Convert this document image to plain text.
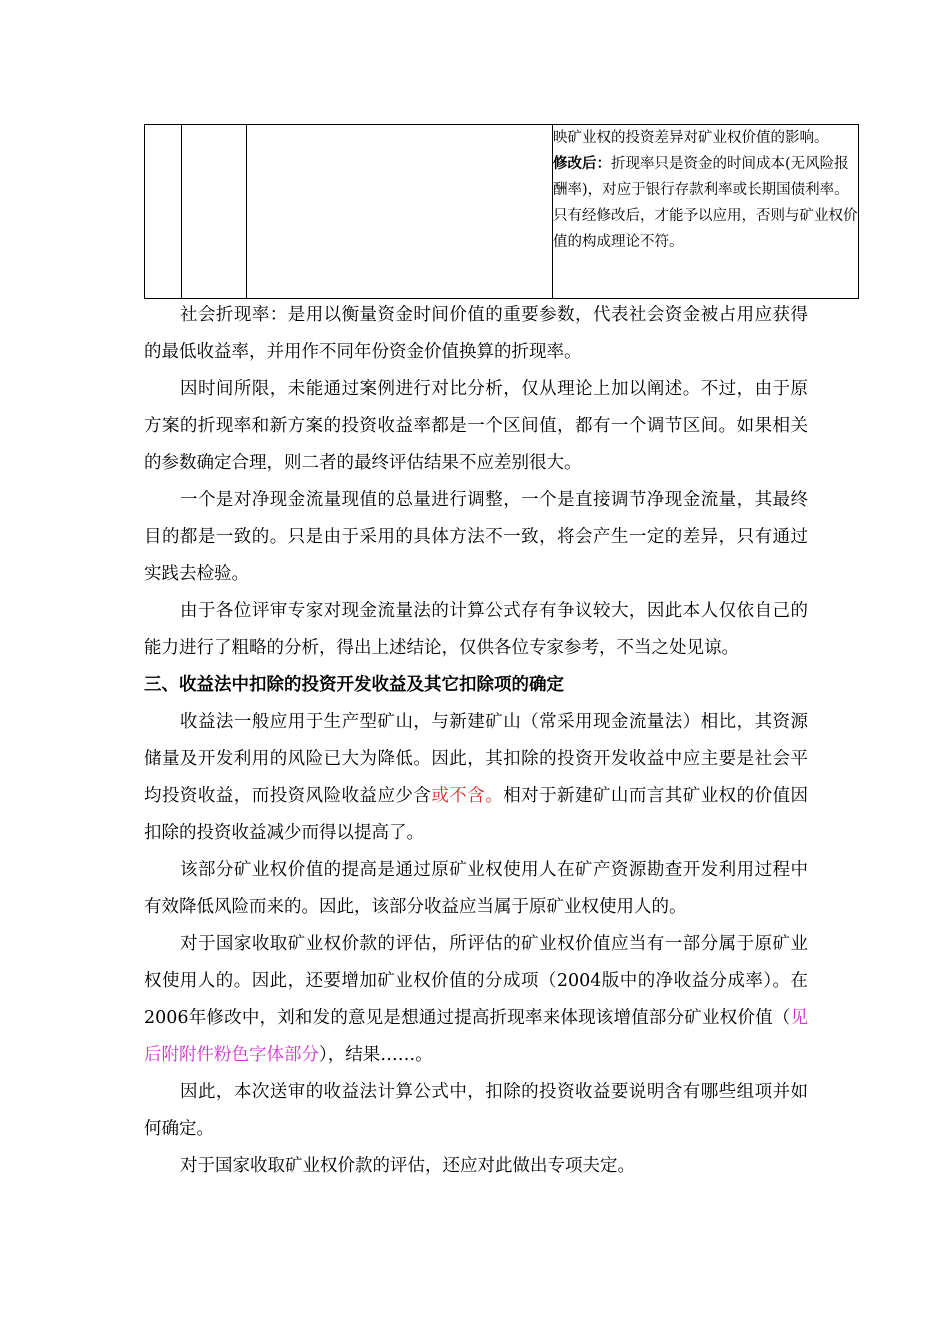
映矿业权的投资差异对矿业权价值的影响。

修改后：折现率只是资金的时间成本(无风险报酬率)，对应于银行存款利率或长期国债利率。

只有经修改后，才能予以应用，否则与矿业权价值的构成理论不符。

社会折现率：是用以衡量资金时间价值的重要参数，代表社会资金被占用应获得的最低收益率，并用作不同年份资金价值换算的折现率。

因时间所限，未能通过案例进行对比分析，仅从理论上加以阐述。不过，由于原方案的折现率和新方案的投资收益率都是一个区间值，都有一个调节区间。如果相关的参数确定合理，则二者的最终评估结果不应差别很大。

一个是对净现金流量现值的总量进行调整，一个是直接调节净现金流量，其最终目的都是一致的。只是由于采用的具体方法不一致，将会产生一定的差异，只有通过实践去检验。

由于各位评审专家对现金流量法的计算公式存有争议较大，因此本人仅依自己的能力进行了粗略的分析，得出上述结论，仅供各位专家参考，不当之处见谅。

三、收益法中扣除的投资开发收益及其它扣除项的确定

收益法一般应用于生产型矿山，与新建矿山（常采用现金流量法）相比，其资源储量及开发利用的风险已大为降低。因此，其扣除的投资开发收益中应主要是社会平均投资收益，而投资风险收益应少含或不含。相对于新建矿山而言其矿业权的价值因扣除的投资收益减少而得以提高了。

该部分矿业权价值的提高是通过原矿业权使用人在矿产资源勘查开发利用过程中有效降低风险而来的。因此，该部分收益应当属于原矿业权使用人的。

对于国家收取矿业权价款的评估，所评估的矿业权价值应当有一部分属于原矿业权使用人的。因此，还要增加矿业权价值的分成项（2004版中的净收益分成率）。在2006年修改中，刘和发的意见是想通过提高折现率来体现该增值部分矿业权价值（见后附附件粉色字体部分），结果……。

因此，本次送审的收益法计算公式中，扣除的投资收益要说明含有哪些组项并如何确定。

对于国家收取矿业权价款的评估，还应对此做出专项夫定。
